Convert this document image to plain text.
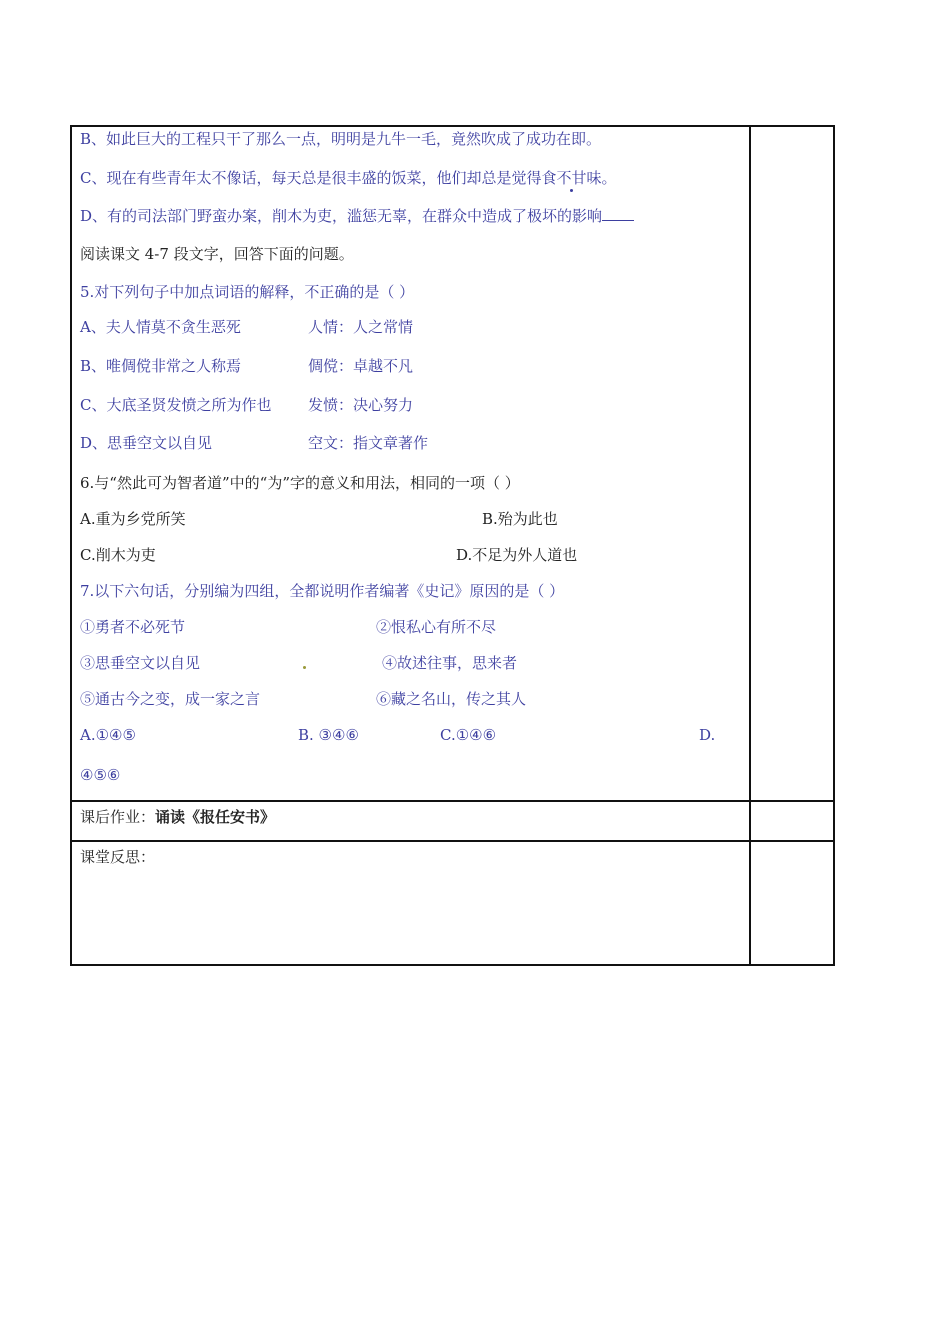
B、如此巨大的工程只干了那么一点，明明是九牛一毛，竟然吹成了成功在即。
C、现在有些青年太不像话，每天总是很丰盛的饭菜，他们却总是觉得食不甘味。
D、有的司法部门野蛮办案，削木为吏，滥惩无辜，在群众中造成了极坏的影响
阅读课文 4-7 段文字，回答下面的问题。
5.对下列句子中加点词语的解释，不正确的是（ ）
A、夫人情莫不贪生恶死	人情：人之常情
B、唯倜傥非常之人称焉	倜傥：卓越不凡
C、大底圣贤发愤之所为作也 发愤：决心努力
D、思垂空文以自见	空文：指文章著作
6.与“然此可为智者道”中的“为”字的意义和用法，相同的一项（ ）
A.重为乡党所笑	B.殆为此也
C.削木为吏	D.不足为外人道也
7.以下六句话，分别编为四组，全都说明作者编著《史记》原因的是（ ）
①勇者不必死节	②恨私心有所不尽
③思垂空文以自见	④故述往事，思来者
⑤通古今之变，成一家之言	⑥藏之名山，传之其人
A.①④⑤	B. ③④⑥	C.①④⑥	D.
④⑤⑥
课后作业：诵读《报任安书》
课堂反思：
